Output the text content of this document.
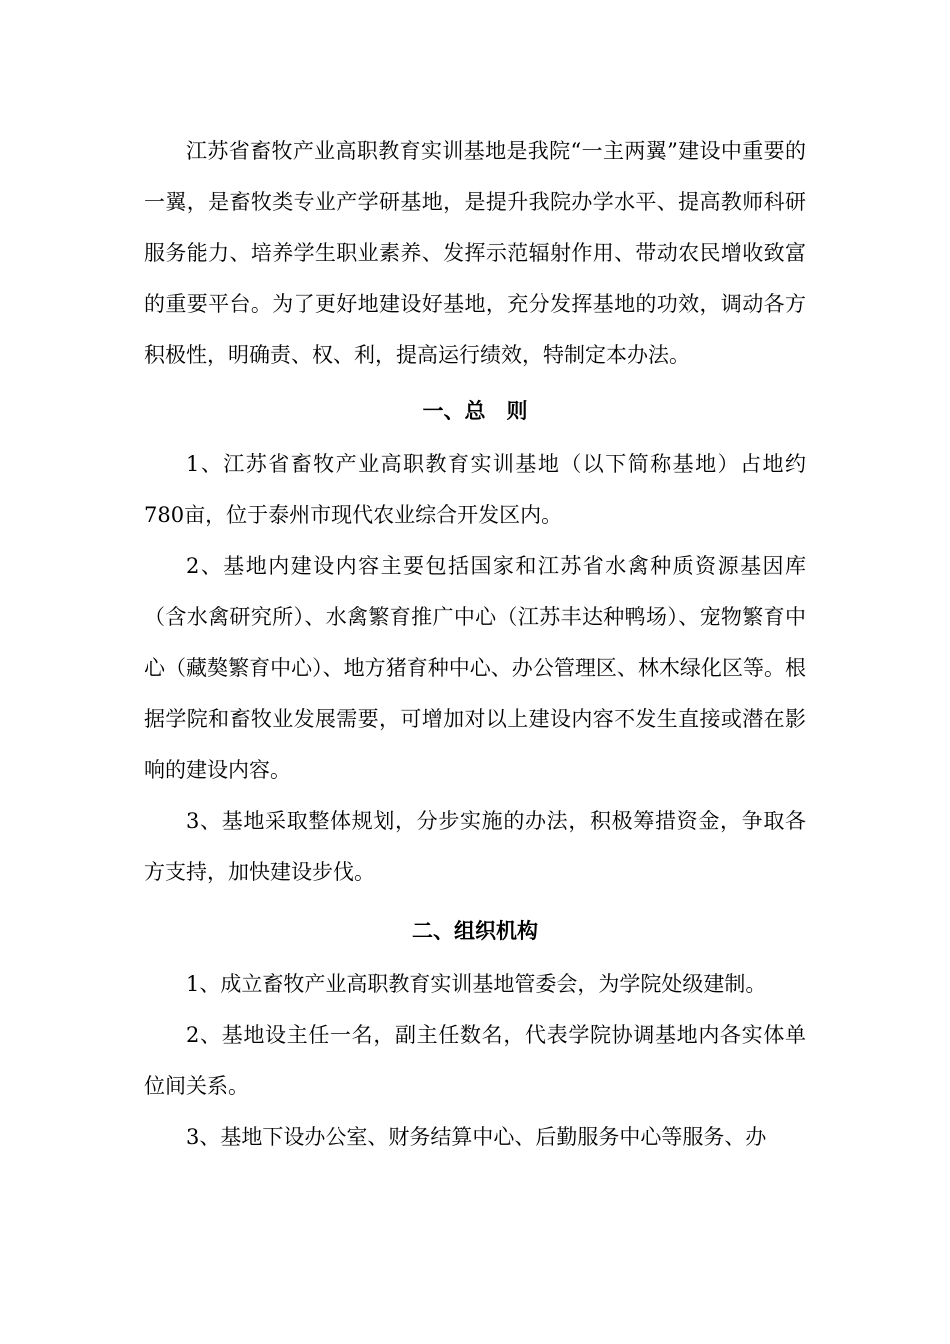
江苏省畜牧产业高职教育实训基地是我院“一主两翼”建设中重要的一翼，是畜牧类专业产学研基地，是提升我院办学水平、提高教师科研服务能力、培养学生职业素养、发挥示范辐射作用、带动农民增收致富的重要平台。为了更好地建设好基地，充分发挥基地的功效，调动各方积极性，明确责、权、利，提高运行绩效，特制定本办法。

一、总　则

1、江苏省畜牧产业高职教育实训基地（以下简称基地）占地约780亩，位于泰州市现代农业综合开发区内。

2、基地内建设内容主要包括国家和江苏省水禽种质资源基因库（含水禽研究所）、水禽繁育推广中心（江苏丰达种鸭场）、宠物繁育中心（藏獒繁育中心）、地方猪育种中心、办公管理区、林木绿化区等。根据学院和畜牧业发展需要，可增加对以上建设内容不发生直接或潜在影响的建设内容。

3、基地采取整体规划，分步实施的办法，积极筹措资金，争取各方支持，加快建设步伐。

二、组织机构

1、成立畜牧产业高职教育实训基地管委会，为学院处级建制。

2、基地设主任一名，副主任数名，代表学院协调基地内各实体单位间关系。

3、基地下设办公室、财务结算中心、后勤服务中心等服务、办
